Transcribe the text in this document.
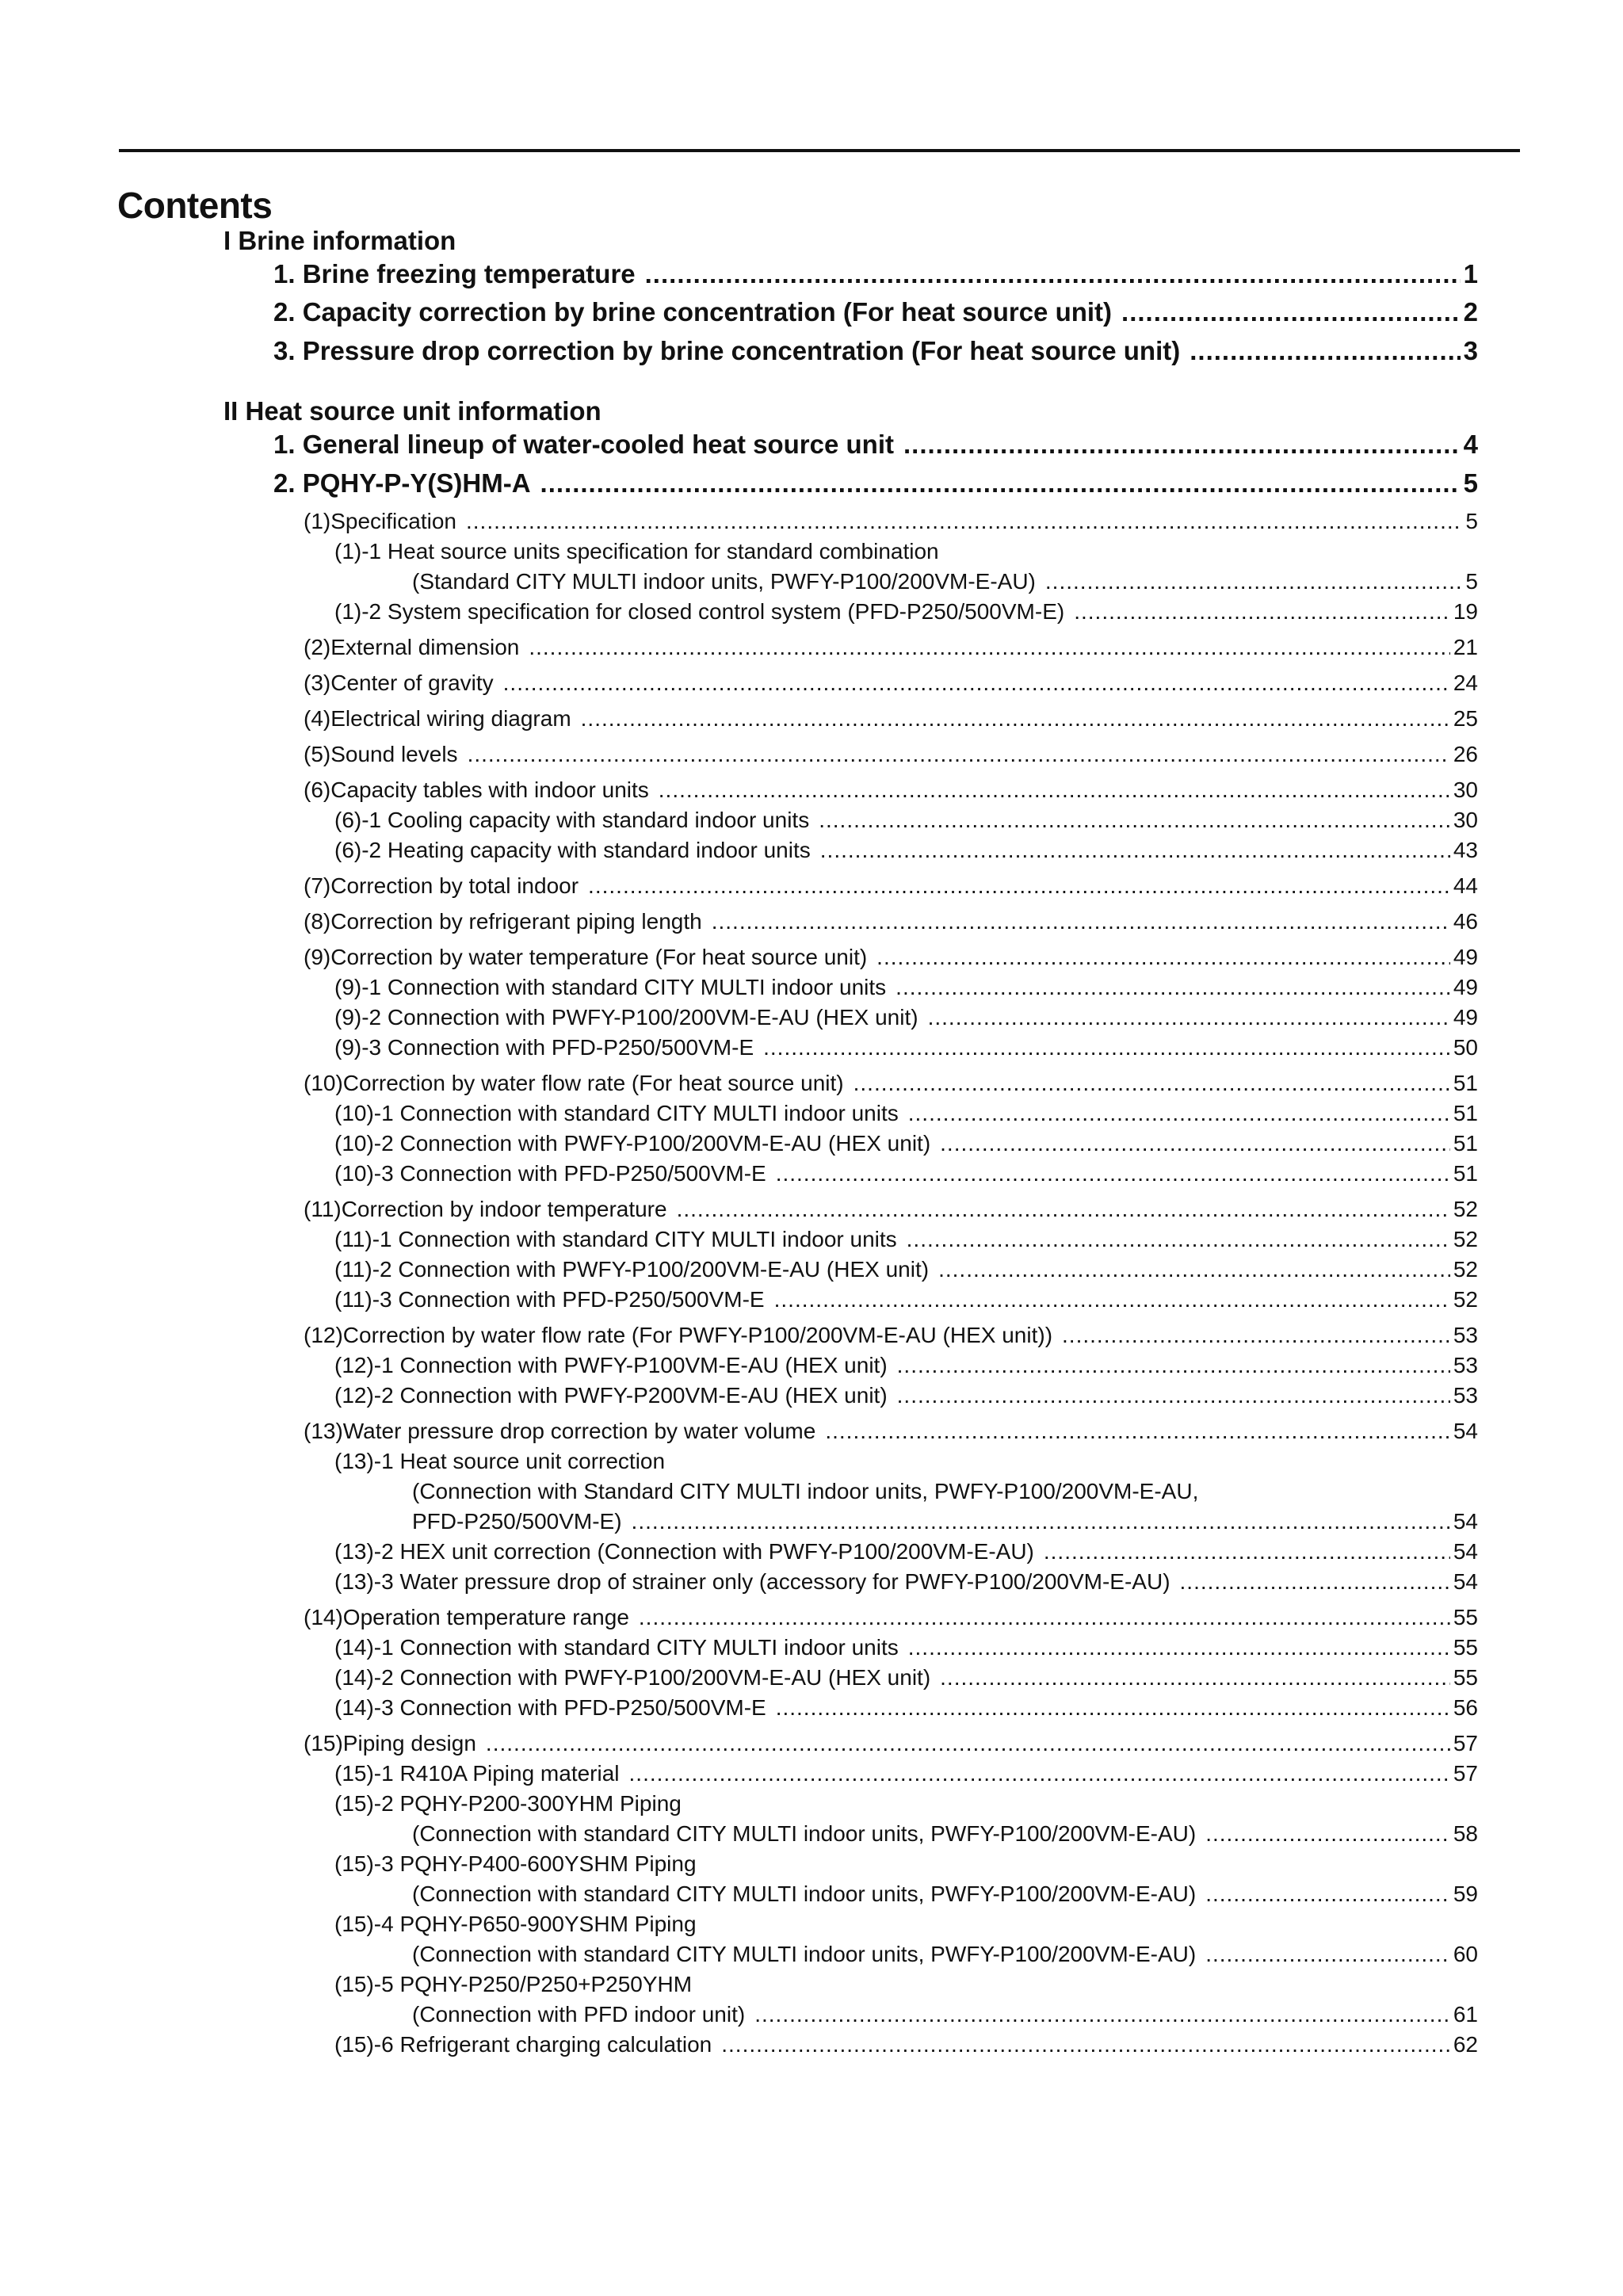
Contents
I Brine information
1. Brine freezing temperature .....	1
2. Capacity correction by brine concentration (For heat source unit) .....	2
3. Pressure drop correction by brine concentration (For heat source unit) .....	3
II Heat source unit information
1. General lineup of water-cooled heat source unit .....	4
2. PQHY-P-Y(S)HM-A .....	5
(1)Specification .....	5
(1)-1 Heat source units specification for standard combination
(Standard CITY MULTI indoor units, PWFY-P100/200VM-E-AU) .....	5
(1)-2 System specification for closed control system (PFD-P250/500VM-E) .....	19
(2)External dimension .....	21
(3)Center of gravity .....	24
(4)Electrical wiring diagram .....	25
(5)Sound levels .....	26
(6)Capacity tables with indoor units .....	30
(6)-1 Cooling capacity with standard indoor units .....	30
(6)-2 Heating capacity with standard indoor units .....	43
(7)Correction by total indoor .....	44
(8)Correction by refrigerant piping length .....	46
(9)Correction by water temperature (For heat source unit) .....	49
(9)-1 Connection with standard CITY MULTI indoor units .....	49
(9)-2 Connection with PWFY-P100/200VM-E-AU (HEX unit) .....	49
(9)-3 Connection with PFD-P250/500VM-E .....	50
(10)Correction by water flow rate (For heat source unit) .....	51
(10)-1 Connection with standard CITY MULTI indoor units .....	51
(10)-2 Connection with PWFY-P100/200VM-E-AU (HEX unit) .....	51
(10)-3 Connection with PFD-P250/500VM-E .....	51
(11)Correction by indoor temperature .....	52
(11)-1 Connection with standard CITY MULTI indoor units .....	52
(11)-2 Connection with PWFY-P100/200VM-E-AU (HEX unit) .....	52
(11)-3 Connection with PFD-P250/500VM-E .....	52
(12)Correction by water flow rate (For PWFY-P100/200VM-E-AU (HEX unit)) .....	53
(12)-1 Connection with PWFY-P100VM-E-AU (HEX unit) .....	53
(12)-2 Connection with PWFY-P200VM-E-AU (HEX unit) .....	53
(13)Water pressure drop correction by water volume .....	54
(13)-1 Heat source unit correction
(Connection with Standard CITY MULTI indoor units, PWFY-P100/200VM-E-AU,
PFD-P250/500VM-E) .....	54
(13)-2 HEX unit correction (Connection with PWFY-P100/200VM-E-AU) .....	54
(13)-3 Water pressure drop of strainer only (accessory for PWFY-P100/200VM-E-AU) .....	54
(14)Operation temperature range .....	55
(14)-1 Connection with standard CITY MULTI indoor units .....	55
(14)-2 Connection with PWFY-P100/200VM-E-AU (HEX unit) .....	55
(14)-3 Connection with PFD-P250/500VM-E .....	56
(15)Piping design .....	57
(15)-1 R410A Piping material .....	57
(15)-2 PQHY-P200-300YHM Piping
(Connection with standard CITY MULTI indoor units, PWFY-P100/200VM-E-AU) .....	58
(15)-3 PQHY-P400-600YSHM Piping
(Connection with standard CITY MULTI indoor units, PWFY-P100/200VM-E-AU) .....	59
(15)-4 PQHY-P650-900YSHM Piping
(Connection with standard CITY MULTI indoor units, PWFY-P100/200VM-E-AU) .....	60
(15)-5 PQHY-P250/P250+P250YHM
(Connection with PFD indoor unit) .....	61
(15)-6 Refrigerant charging calculation .....	62
